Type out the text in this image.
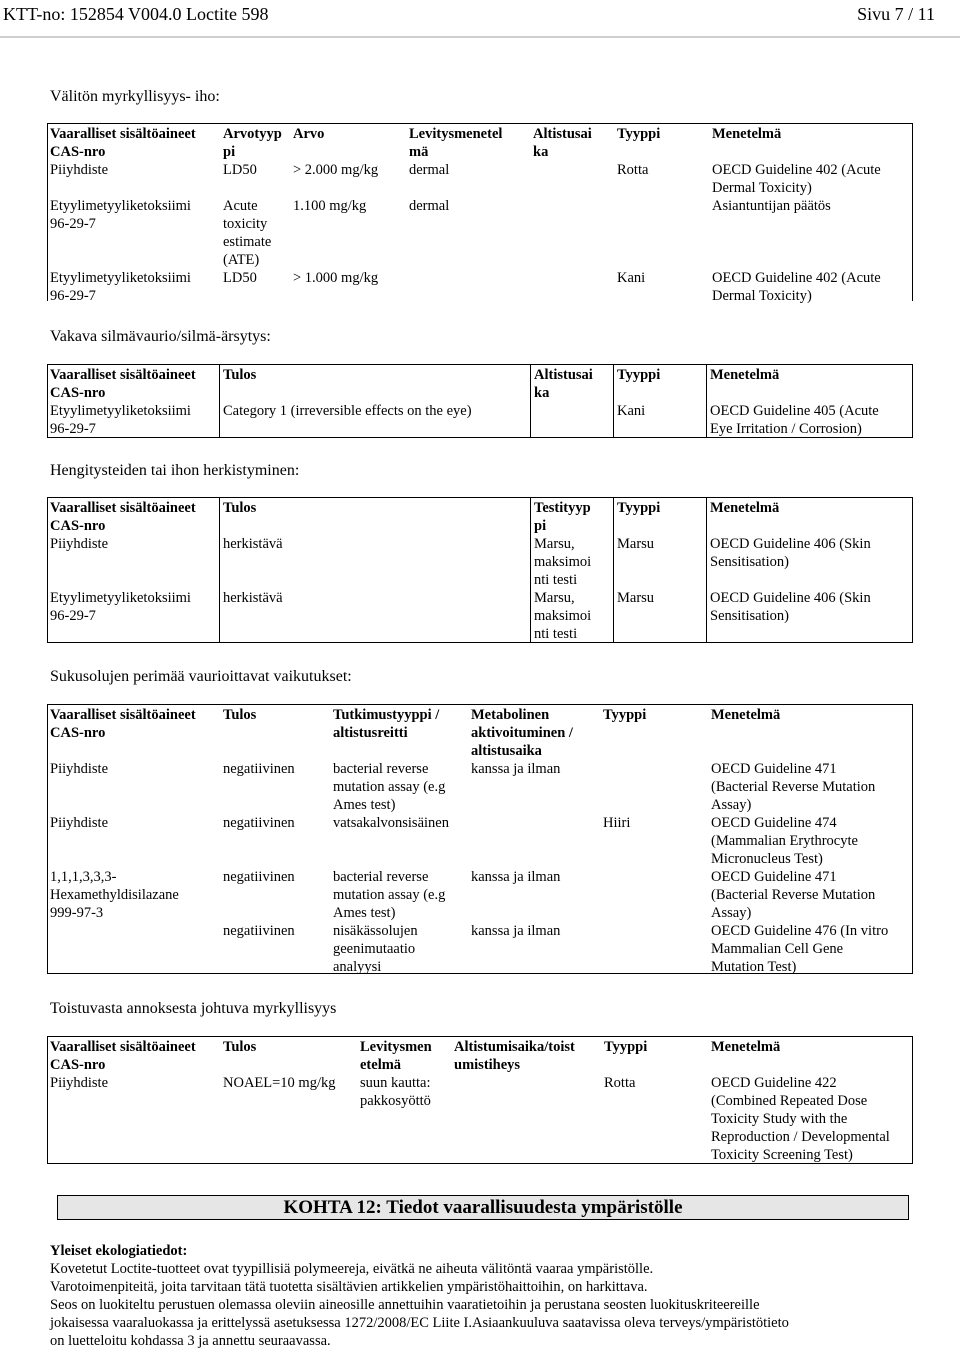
KTT-no: 152854 V004.0 Loctite 598	Sivu 7 / 11
Välitön myrkyllisyys- iho:
Vaaralliset sisältöaineet
CAS-nro	Arvotyyp
pi	Arvo	Levitysmenetel
mä	Altistusai
ka	Tyyppi	Menetelmä
Piiyhdiste	LD50	> 2.000 mg/kg	dermal		Rotta	OECD Guideline 402 (Acute
Dermal Toxicity)
Etyylimetyyliketoksiimi
96-29-7	Acute
toxicity
estimate
(ATE)	1.100 mg/kg	dermal			Asiantuntijan päätös
Etyylimetyyliketoksiimi
96-29-7	LD50	> 1.000 mg/kg			Kani	OECD Guideline 402 (Acute
Dermal Toxicity)
Vakava silmävaurio/silmä-ärsytys:
Vaaralliset sisältöaineet
CAS-nro	Tulos	Altistusai
ka	Tyyppi	Menetelmä
Etyylimetyyliketoksiimi
96-29-7	Category 1 (irreversible effects on the eye)		Kani	OECD Guideline 405 (Acute
Eye Irritation / Corrosion)
Hengitysteiden tai ihon herkistyminen:
Vaaralliset sisältöaineet
CAS-nro	Tulos	Testityyp
pi	Tyyppi	Menetelmä
Piiyhdiste	herkistävä	Marsu,
maksimoi
nti testi	Marsu	OECD Guideline 406 (Skin
Sensitisation)
Etyylimetyyliketoksiimi
96-29-7	herkistävä	Marsu,
maksimoi
nti testi	Marsu	OECD Guideline 406 (Skin
Sensitisation)
Sukusolujen perimää vaurioittavat vaikutukset:
Vaaralliset sisältöaineet
CAS-nro	Tulos	Tutkimustyyppi /
altistusreitti	Metabolinen
aktivoituminen /
altistusaika	Tyyppi	Menetelmä
Piiyhdiste	negatiivinen	bacterial reverse
mutation assay (e.g
Ames test)	kanssa ja ilman		OECD Guideline 471
(Bacterial Reverse Mutation
Assay)
Piiyhdiste	negatiivinen	vatsakalvonsisäinen		Hiiri	OECD Guideline 474
(Mammalian Erythrocyte
Micronucleus Test)
1,1,1,3,3,3-
Hexamethyldisilazane
999-97-3	negatiivinen	bacterial reverse
mutation assay (e.g
Ames test)	kanssa ja ilman		OECD Guideline 471
(Bacterial Reverse Mutation
Assay)
	negatiivinen	nisäkässolujen
geenimutaatio
analyysi	kanssa ja ilman		OECD Guideline 476 (In vitro
Mammalian Cell Gene
Mutation Test)
Toistuvasta annoksesta johtuva myrkyllisyys
Vaaralliset sisältöaineet
CAS-nro	Tulos	Levitysmen
etelmä	Altistumisaika/toist
umistiheys	Tyyppi	Menetelmä
Piiyhdiste	NOAEL=10 mg/kg	suun kautta:
pakkosyöttö		Rotta	OECD Guideline 422
(Combined Repeated Dose
Toxicity Study with the
Reproduction / Developmental
Toxicity Screening Test)
KOHTA 12: Tiedot vaarallisuudesta ympäristölle
Yleiset ekologiatiedot:
Kovetetut Loctite-tuotteet ovat tyypillisiä polymeereja, eivätkä ne aiheuta välitöntä vaaraa ympäristölle.
Varotoimenpiteitä, joita tarvitaan tätä tuotetta sisältävien artikkelien ympäristöhaittoihin, on harkittava.
Seos on luokiteltu perustuen olemassa oleviin aineosille annettuihin vaaratietoihin ja perustana seosten luokituskriteereille
jokaisessa vaaraluokassa ja erittelyssä asetuksessa 1272/2008/EC Liite I.Asiaankuuluva saatavissa oleva terveys/ympäristötieto
on luetteloitu kohdassa 3 ja annettu seuraavassa.
